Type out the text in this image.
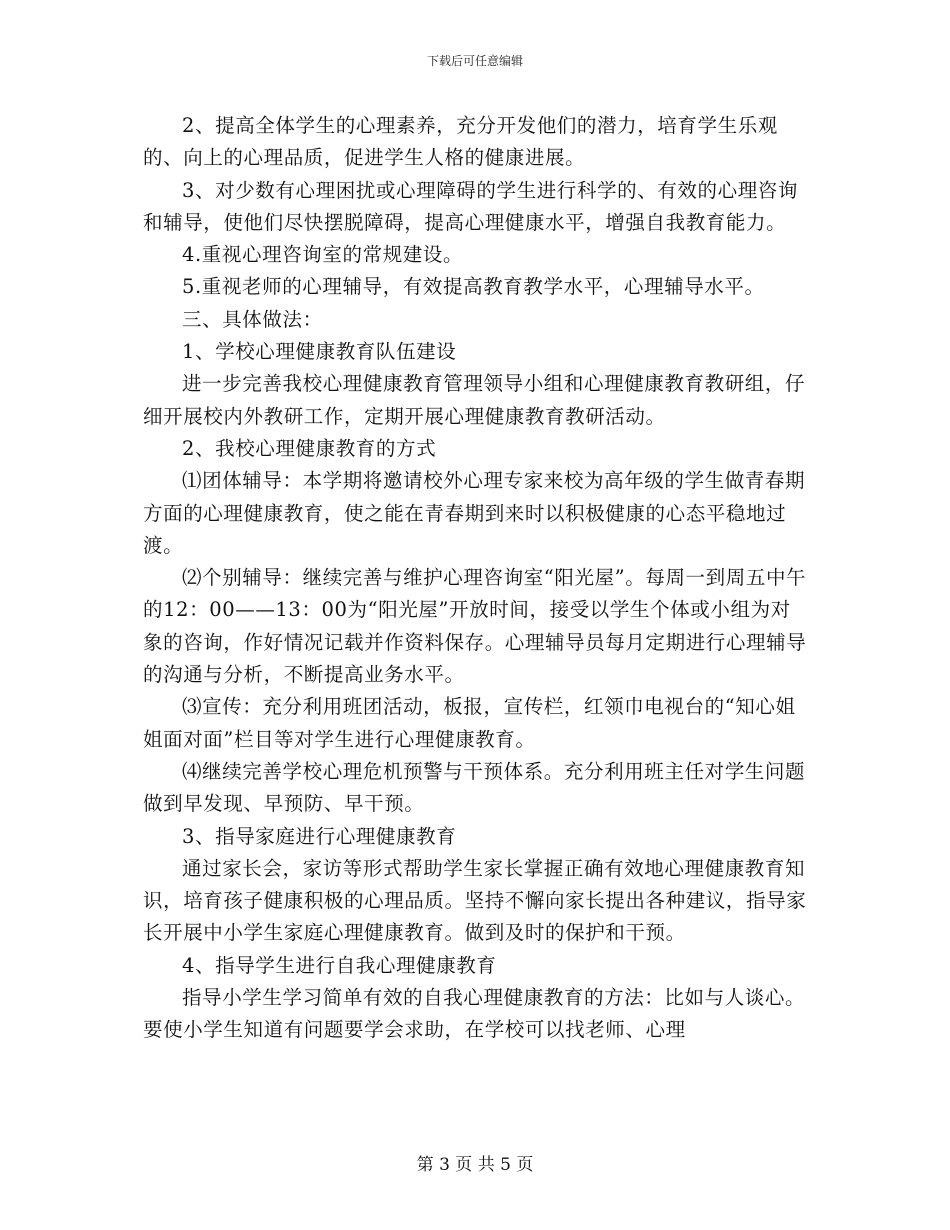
下载后可任意编辑

2、提高全体学生的心理素养，充分开发他们的潜力，培育学生乐观的、向上的心理品质，促进学生人格的健康进展。

3、对少数有心理困扰或心理障碍的学生进行科学的、有效的心理咨询和辅导，使他们尽快摆脱障碍，提高心理健康水平，增强自我教育能力。

4.重视心理咨询室的常规建设。

5.重视老师的心理辅导，有效提高教育教学水平，心理辅导水平。

三、具体做法：

1、学校心理健康教育队伍建设

进一步完善我校心理健康教育管理领导小组和心理健康教育教研组，仔细开展校内外教研工作，定期开展心理健康教育教研活动。

2、我校心理健康教育的方式

⑴团体辅导：本学期将邀请校外心理专家来校为高年级的学生做青春期方面的心理健康教育，使之能在青春期到来时以积极健康的心态平稳地过渡。

⑵个别辅导：继续完善与维护心理咨询室“阳光屋”。每周一到周五中午的12：00——13：00为“阳光屋”开放时间，接受以学生个体或小组为对象的咨询，作好情况记载并作资料保存。心理辅导员每月定期进行心理辅导的沟通与分析，不断提高业务水平。

⑶宣传：充分利用班团活动，板报，宣传栏，红领巾电视台的“知心姐姐面对面”栏目等对学生进行心理健康教育。

⑷继续完善学校心理危机预警与干预体系。充分利用班主任对学生问题做到早发现、早预防、早干预。

3、指导家庭进行心理健康教育

通过家长会，家访等形式帮助学生家长掌握正确有效地心理健康教育知识，培育孩子健康积极的心理品质。坚持不懈向家长提出各种建议，指导家长开展中小学生家庭心理健康教育。做到及时的保护和干预。

4、指导学生进行自我心理健康教育

指导小学生学习简单有效的自我心理健康教育的方法：比如与人谈心。要使小学生知道有问题要学会求助，在学校可以找老师、心理

第 3 页 共 5 页
